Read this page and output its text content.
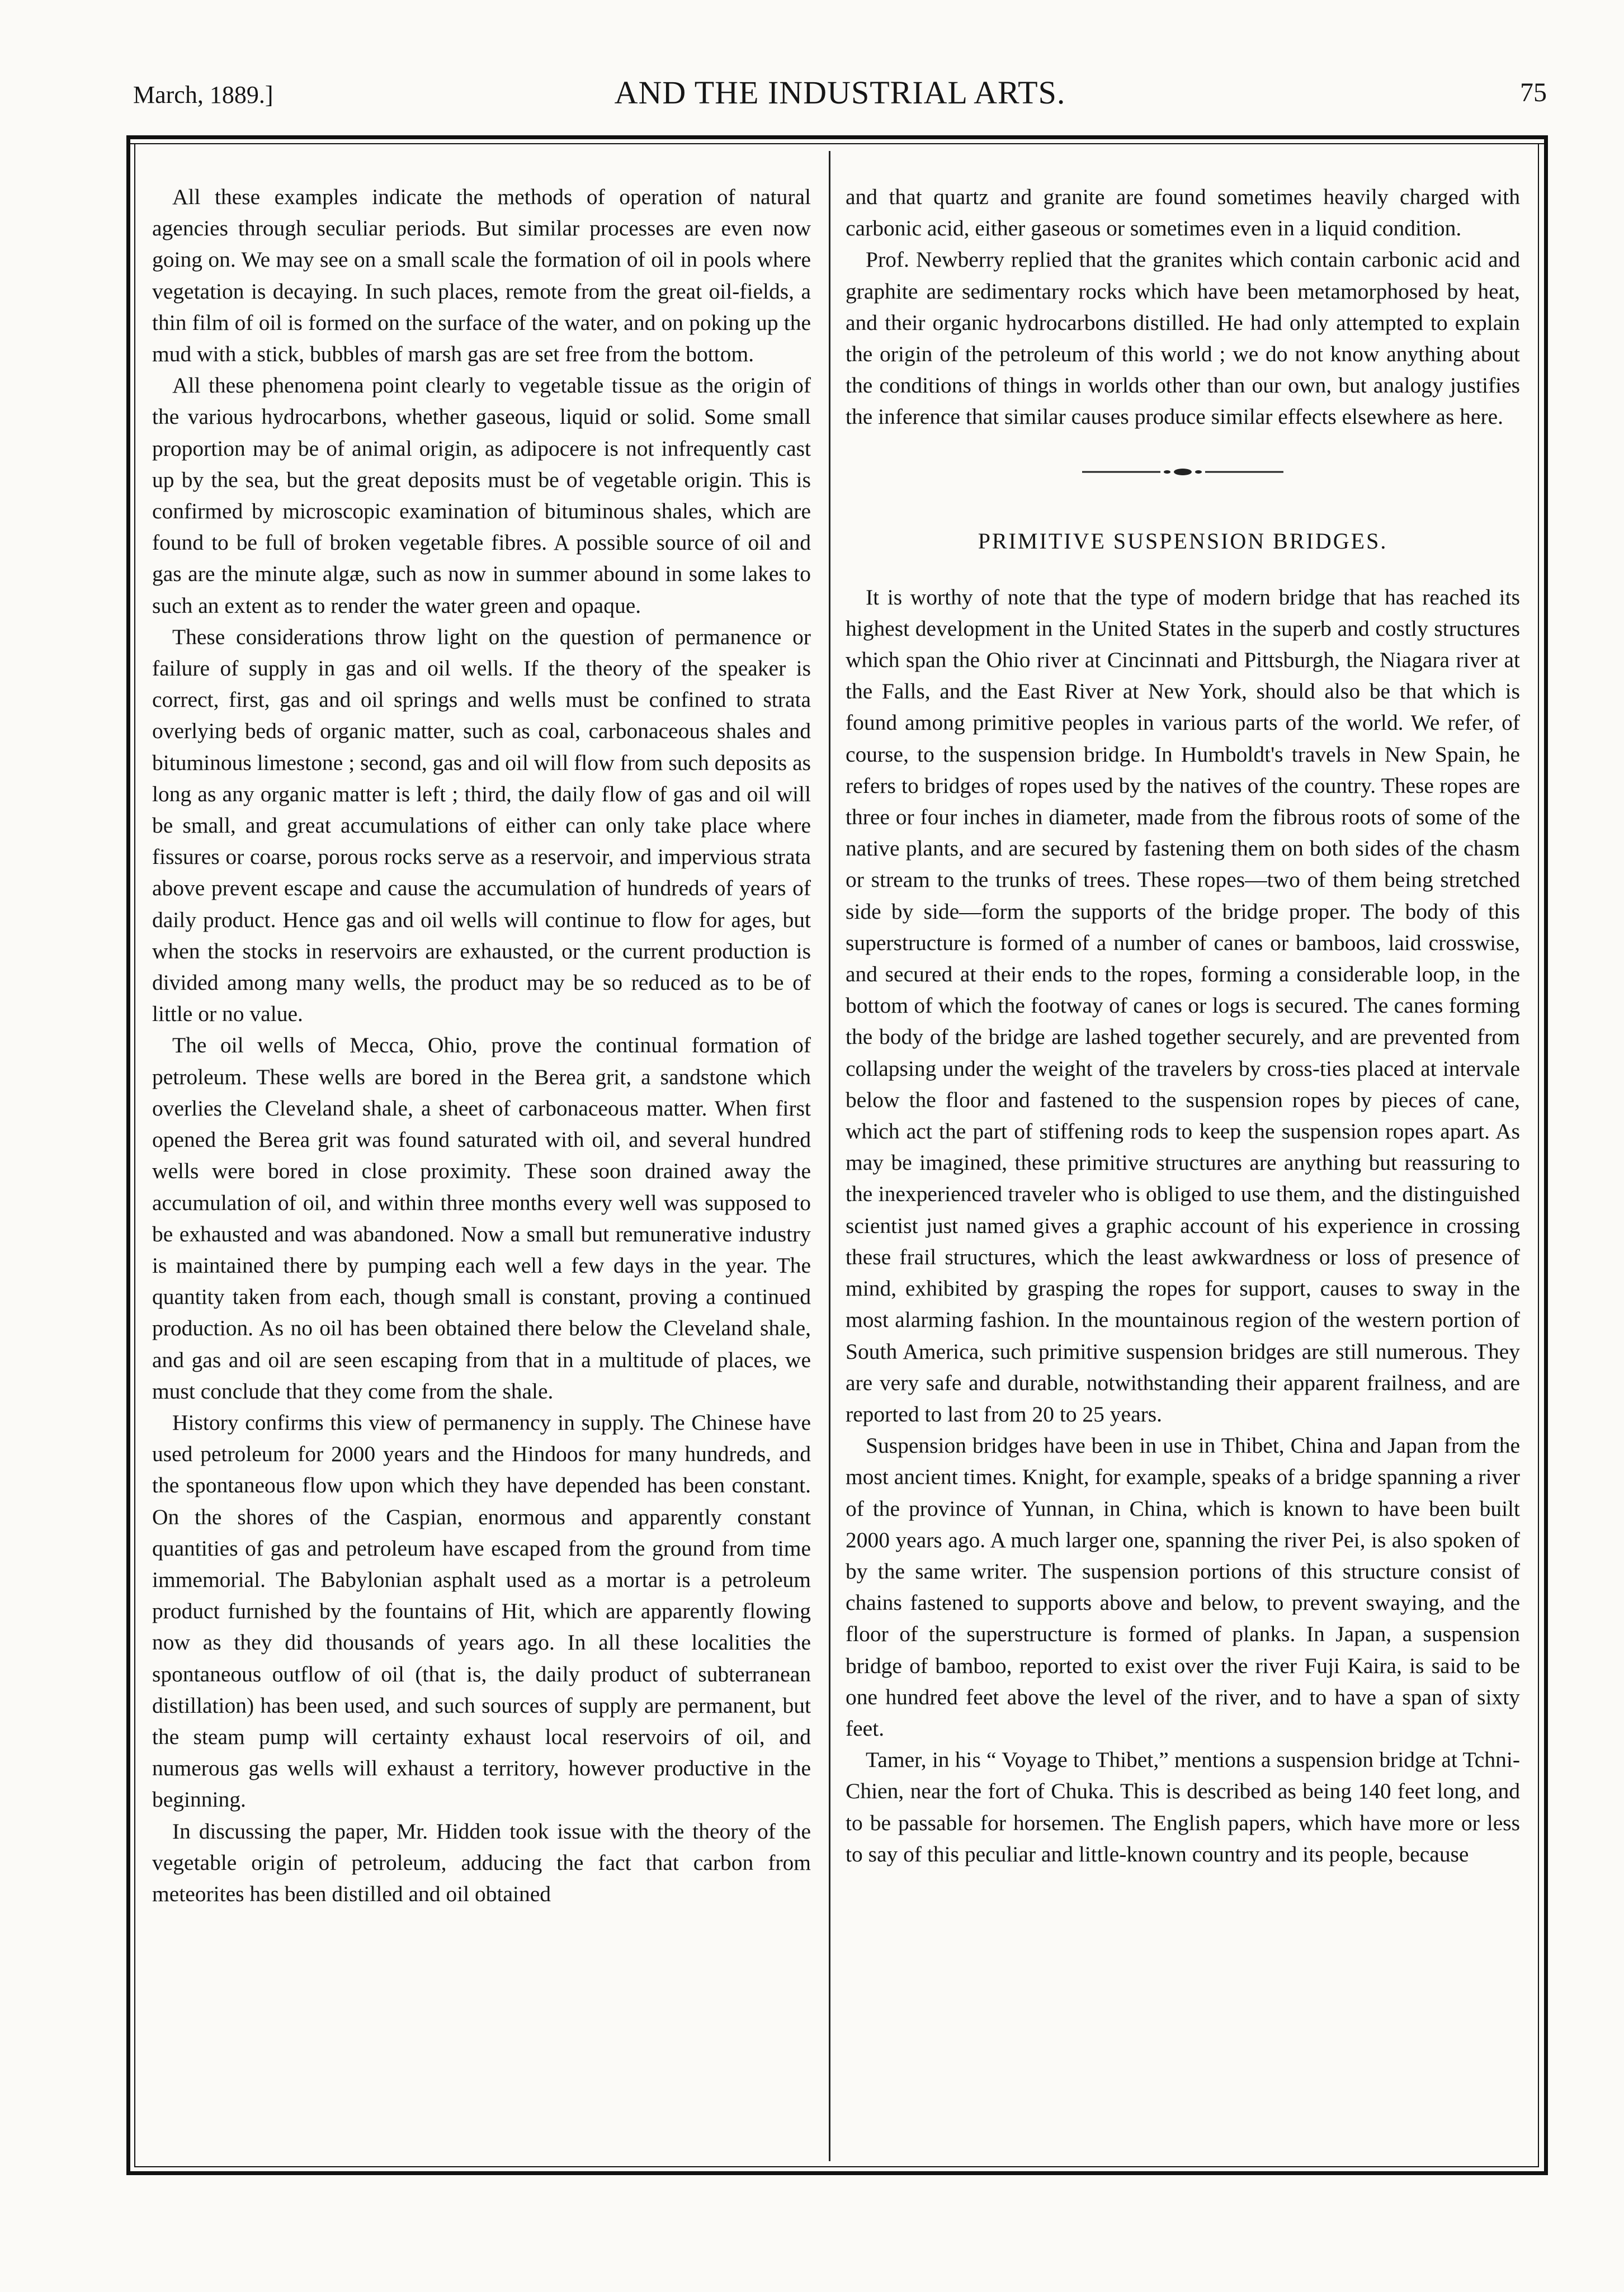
March, 1889.]	AND THE INDUSTRIAL ARTS.	75

All these examples indicate the methods of operation of natural agencies through seculiar periods. But similar processes are even now going on. We may see on a small scale the formation of oil in pools where vegetation is decaying. In such places, remote from the great oil-fields, a thin film of oil is formed on the surface of the water, and on poking up the mud with a stick, bubbles of marsh gas are set free from the bottom.

All these phenomena point clearly to vegetable tissue as the origin of the various hydrocarbons, whether gaseous, liquid or solid. Some small proportion may be of animal origin, as adipocere is not infrequently cast up by the sea, but the great deposits must be of vegetable origin. This is confirmed by microscopic examination of bituminous shales, which are found to be full of broken vegetable fibres. A possible source of oil and gas are the minute algæ, such as now in summer abound in some lakes to such an extent as to render the water green and opaque.

These considerations throw light on the question of permanence or failure of supply in gas and oil wells. If the theory of the speaker is correct, first, gas and oil springs and wells must be confined to strata overlying beds of organic matter, such as coal, carbonaceous shales and bituminous limestone ; second, gas and oil will flow from such deposits as long as any organic matter is left ; third, the daily flow of gas and oil will be small, and great accumulations of either can only take place where fissures or coarse, porous rocks serve as a reservoir, and impervious strata above prevent escape and cause the accumulation of hundreds of years of daily product. Hence gas and oil wells will continue to flow for ages, but when the stocks in reservoirs are exhausted, or the current production is divided among many wells, the product may be so reduced as to be of little or no value.

The oil wells of Mecca, Ohio, prove the continual formation of petroleum. These wells are bored in the Berea grit, a sandstone which overlies the Cleveland shale, a sheet of carbonaceous matter. When first opened the Berea grit was found saturated with oil, and several hundred wells were bored in close proximity. These soon drained away the accumulation of oil, and within three months every well was supposed to be exhausted and was abandoned. Now a small but remunerative industry is maintained there by pumping each well a few days in the year. The quantity taken from each, though small is constant, proving a continued production. As no oil has been obtained there below the Cleveland shale, and gas and oil are seen escaping from that in a multitude of places, we must conclude that they come from the shale.

History confirms this view of permanency in supply. The Chinese have used petroleum for 2000 years and the Hindoos for many hundreds, and the spontaneous flow upon which they have depended has been constant. On the shores of the Caspian, enormous and apparently constant quantities of gas and petroleum have escaped from the ground from time immemorial. The Babylonian asphalt used as a mortar is a petroleum product furnished by the fountains of Hit, which are apparently flowing now as they did thousands of years ago. In all these localities the spontaneous outflow of oil (that is, the daily product of subterranean distillation) has been used, and such sources of supply are permanent, but the steam pump will certainty exhaust local reservoirs of oil, and numerous gas wells will exhaust a territory, however productive in the beginning.

In discussing the paper, Mr. Hidden took issue with the theory of the vegetable origin of petroleum, adducing the fact that carbon from meteorites has been distilled and oil obtained

and that quartz and granite are found sometimes heavily charged with carbonic acid, either gaseous or sometimes even in a liquid condition.

Prof. Newberry replied that the granites which contain carbonic acid and graphite are sedimentary rocks which have been metamorphosed by heat, and their organic hydrocarbons distilled. He had only attempted to explain the origin of the petroleum of this world ; we do not know anything about the conditions of things in worlds other than our own, but analogy justifies the inference that similar causes produce similar effects elsewhere as here.

PRIMITIVE SUSPENSION BRIDGES.

It is worthy of note that the type of modern bridge that has reached its highest development in the United States in the superb and costly structures which span the Ohio river at Cincinnati and Pittsburgh, the Niagara river at the Falls, and the East River at New York, should also be that which is found among primitive peoples in various parts of the world. We refer, of course, to the suspension bridge. In Humboldt's travels in New Spain, he refers to bridges of ropes used by the natives of the country. These ropes are three or four inches in diameter, made from the fibrous roots of some of the native plants, and are secured by fastening them on both sides of the chasm or stream to the trunks of trees. These ropes—two of them being stretched side by side—form the supports of the bridge proper. The body of this superstructure is formed of a number of canes or bamboos, laid crosswise, and secured at their ends to the ropes, forming a considerable loop, in the bottom of which the footway of canes or logs is secured. The canes forming the body of the bridge are lashed together securely, and are prevented from collapsing under the weight of the travelers by cross-ties placed at intervale below the floor and fastened to the suspension ropes by pieces of cane, which act the part of stiffening rods to keep the suspension ropes apart. As may be imagined, these primitive structures are anything but reassuring to the inexperienced traveler who is obliged to use them, and the distinguished scientist just named gives a graphic account of his experience in crossing these frail structures, which the least awkwardness or loss of presence of mind, exhibited by grasping the ropes for support, causes to sway in the most alarming fashion. In the mountainous region of the western portion of South America, such primitive suspension bridges are still numerous. They are very safe and durable, notwithstanding their apparent frailness, and are reported to last from 20 to 25 years.

Suspension bridges have been in use in Thibet, China and Japan from the most ancient times. Knight, for example, speaks of a bridge spanning a river of the province of Yunnan, in China, which is known to have been built 2000 years ago. A much larger one, spanning the river Pei, is also spoken of by the same writer. The suspension portions of this structure consist of chains fastened to supports above and below, to prevent swaying, and the floor of the superstructure is formed of planks. In Japan, a suspension bridge of bamboo, reported to exist over the river Fuji Kaira, is said to be one hundred feet above the level of the river, and to have a span of sixty feet.

Tamer, in his “ Voyage to Thibet,” mentions a suspension bridge at Tchni-Chien, near the fort of Chuka. This is described as being 140 feet long, and to be passable for horsemen. The English papers, which have more or less to say of this peculiar and little-known country and its people, because
